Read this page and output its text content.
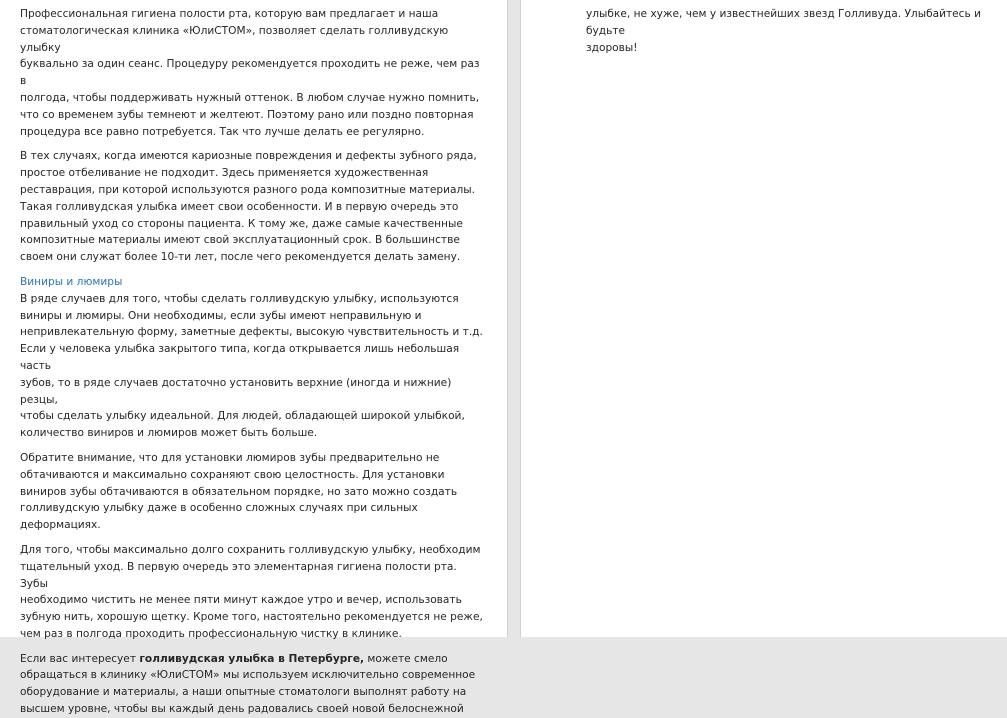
Профессиональная гигиена полости рта, которую вам предлагает и наша
стоматологическая клиника «ЮлиСТОМ», позволяет сделать голливудскую улыбку
буквально за один сеанс. Процедуру рекомендуется проходить не реже, чем раз в
полгода, чтобы поддерживать нужный оттенок. В любом случае нужно помнить,
что со временем зубы темнеют и желтеют. Поэтому рано или поздно повторная
процедура все равно потребуется. Так что лучше делать ее регулярно.

В тех случаях, когда имеются кариозные повреждения и дефекты зубного ряда,
простое отбеливание не подходит. Здесь применяется художественная
реставрация, при которой используются разного рода композитные материалы.
Такая голливудская улыбка имеет свои особенности. И в первую очередь это
правильный уход со стороны пациента. К тому же, даже самые качественные
композитные материалы имеют свой эксплуатационный срок. В большинстве
своем они служат более 10-ти лет, после чего рекомендуется делать замену.

Виниры и люмиры

В ряде случаев для того, чтобы сделать голливудскую улыбку, используются
виниры и люмиры. Они необходимы, если зубы имеют неправильную и
непривлекательную форму, заметные дефекты, высокую чувствительность и т.д.
Если у человека улыбка закрытого типа, когда открывается лишь небольшая часть
зубов, то в ряде случаев достаточно установить верхние (иногда и нижние) резцы,
чтобы сделать улыбку идеальной. Для людей, обладающей широкой улыбкой,
количество виниров и люмиров может быть больше.

Обратите внимание, что для установки люмиров зубы предварительно не
обтачиваются и максимально сохраняют свою целостность. Для установки
виниров зубы обтачиваются в обязательном порядке, но зато можно создать
голливудскую улыбку даже в особенно сложных случаях при сильных
деформациях.

Для того, чтобы максимально долго сохранить голливудскую улыбку, необходим
тщательный уход. В первую очередь это элементарная гигиена полости рта. Зубы
необходимо чистить не менее пяти минут каждое утро и вечер, использовать
зубную нить, хорошую щетку. Кроме того, настоятельно рекомендуется не реже,
чем раз в полгода проходить профессиональную чистку в клинике.

Если вас интересует голливудская улыбка в Петербурге, можете смело
обращаться в клинику «ЮлиСТОМ» мы используем исключительно современное
оборудование и материалы, а наши опытные стоматологи выполнят работу на
высшем уровне, чтобы вы каждый день радовались своей новой белоснежной

улыбке, не хуже, чем у известнейших звезд Голливуда. Улыбайтесь и будьте
здоровы!
